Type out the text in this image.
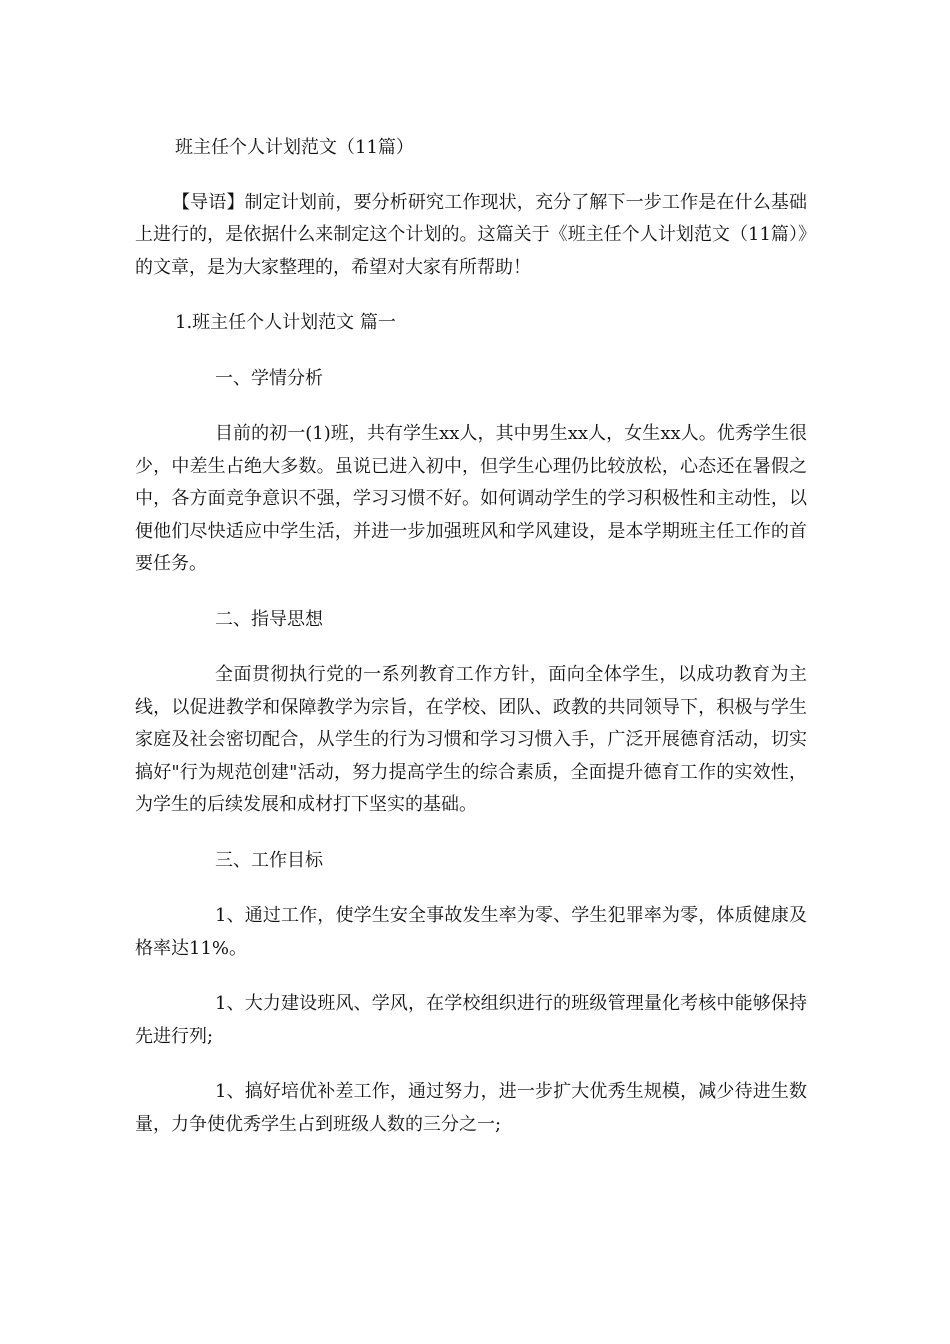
班主任个人计划范文（11篇）

【导语】制定计划前，要分析研究工作现状，充分了解下一步工作是在什么基础上进行的，是依据什么来制定这个计划的。这篇关于《班主任个人计划范文（11篇）》的文章，是为大家整理的，希望对大家有所帮助！

1.班主任个人计划范文 篇一

一、学情分析

目前的初一(1)班，共有学生xx人，其中男生xx人，女生xx人。优秀学生很少，中差生占绝大多数。虽说已进入初中，但学生心理仍比较放松，心态还在暑假之中，各方面竞争意识不强，学习习惯不好。如何调动学生的学习积极性和主动性，以便他们尽快适应中学生活，并进一步加强班风和学风建设，是本学期班主任工作的首要任务。

二、指导思想

全面贯彻执行党的一系列教育工作方针，面向全体学生，以成功教育为主线，以促进教学和保障教学为宗旨，在学校、团队、政教的共同领导下，积极与学生家庭及社会密切配合，从学生的行为习惯和学习习惯入手，广泛开展德育活动，切实搞好"行为规范创建"活动，努力提高学生的综合素质，全面提升德育工作的实效性，为学生的后续发展和成材打下坚实的基础。

三、工作目标

1、通过工作，使学生安全事故发生率为零、学生犯罪率为零，体质健康及格率达11%。

1、大力建设班风、学风，在学校组织进行的班级管理量化考核中能够保持先进行列;

1、搞好培优补差工作，通过努力，进一步扩大优秀生规模，减少待进生数量，力争使优秀学生占到班级人数的三分之一;
